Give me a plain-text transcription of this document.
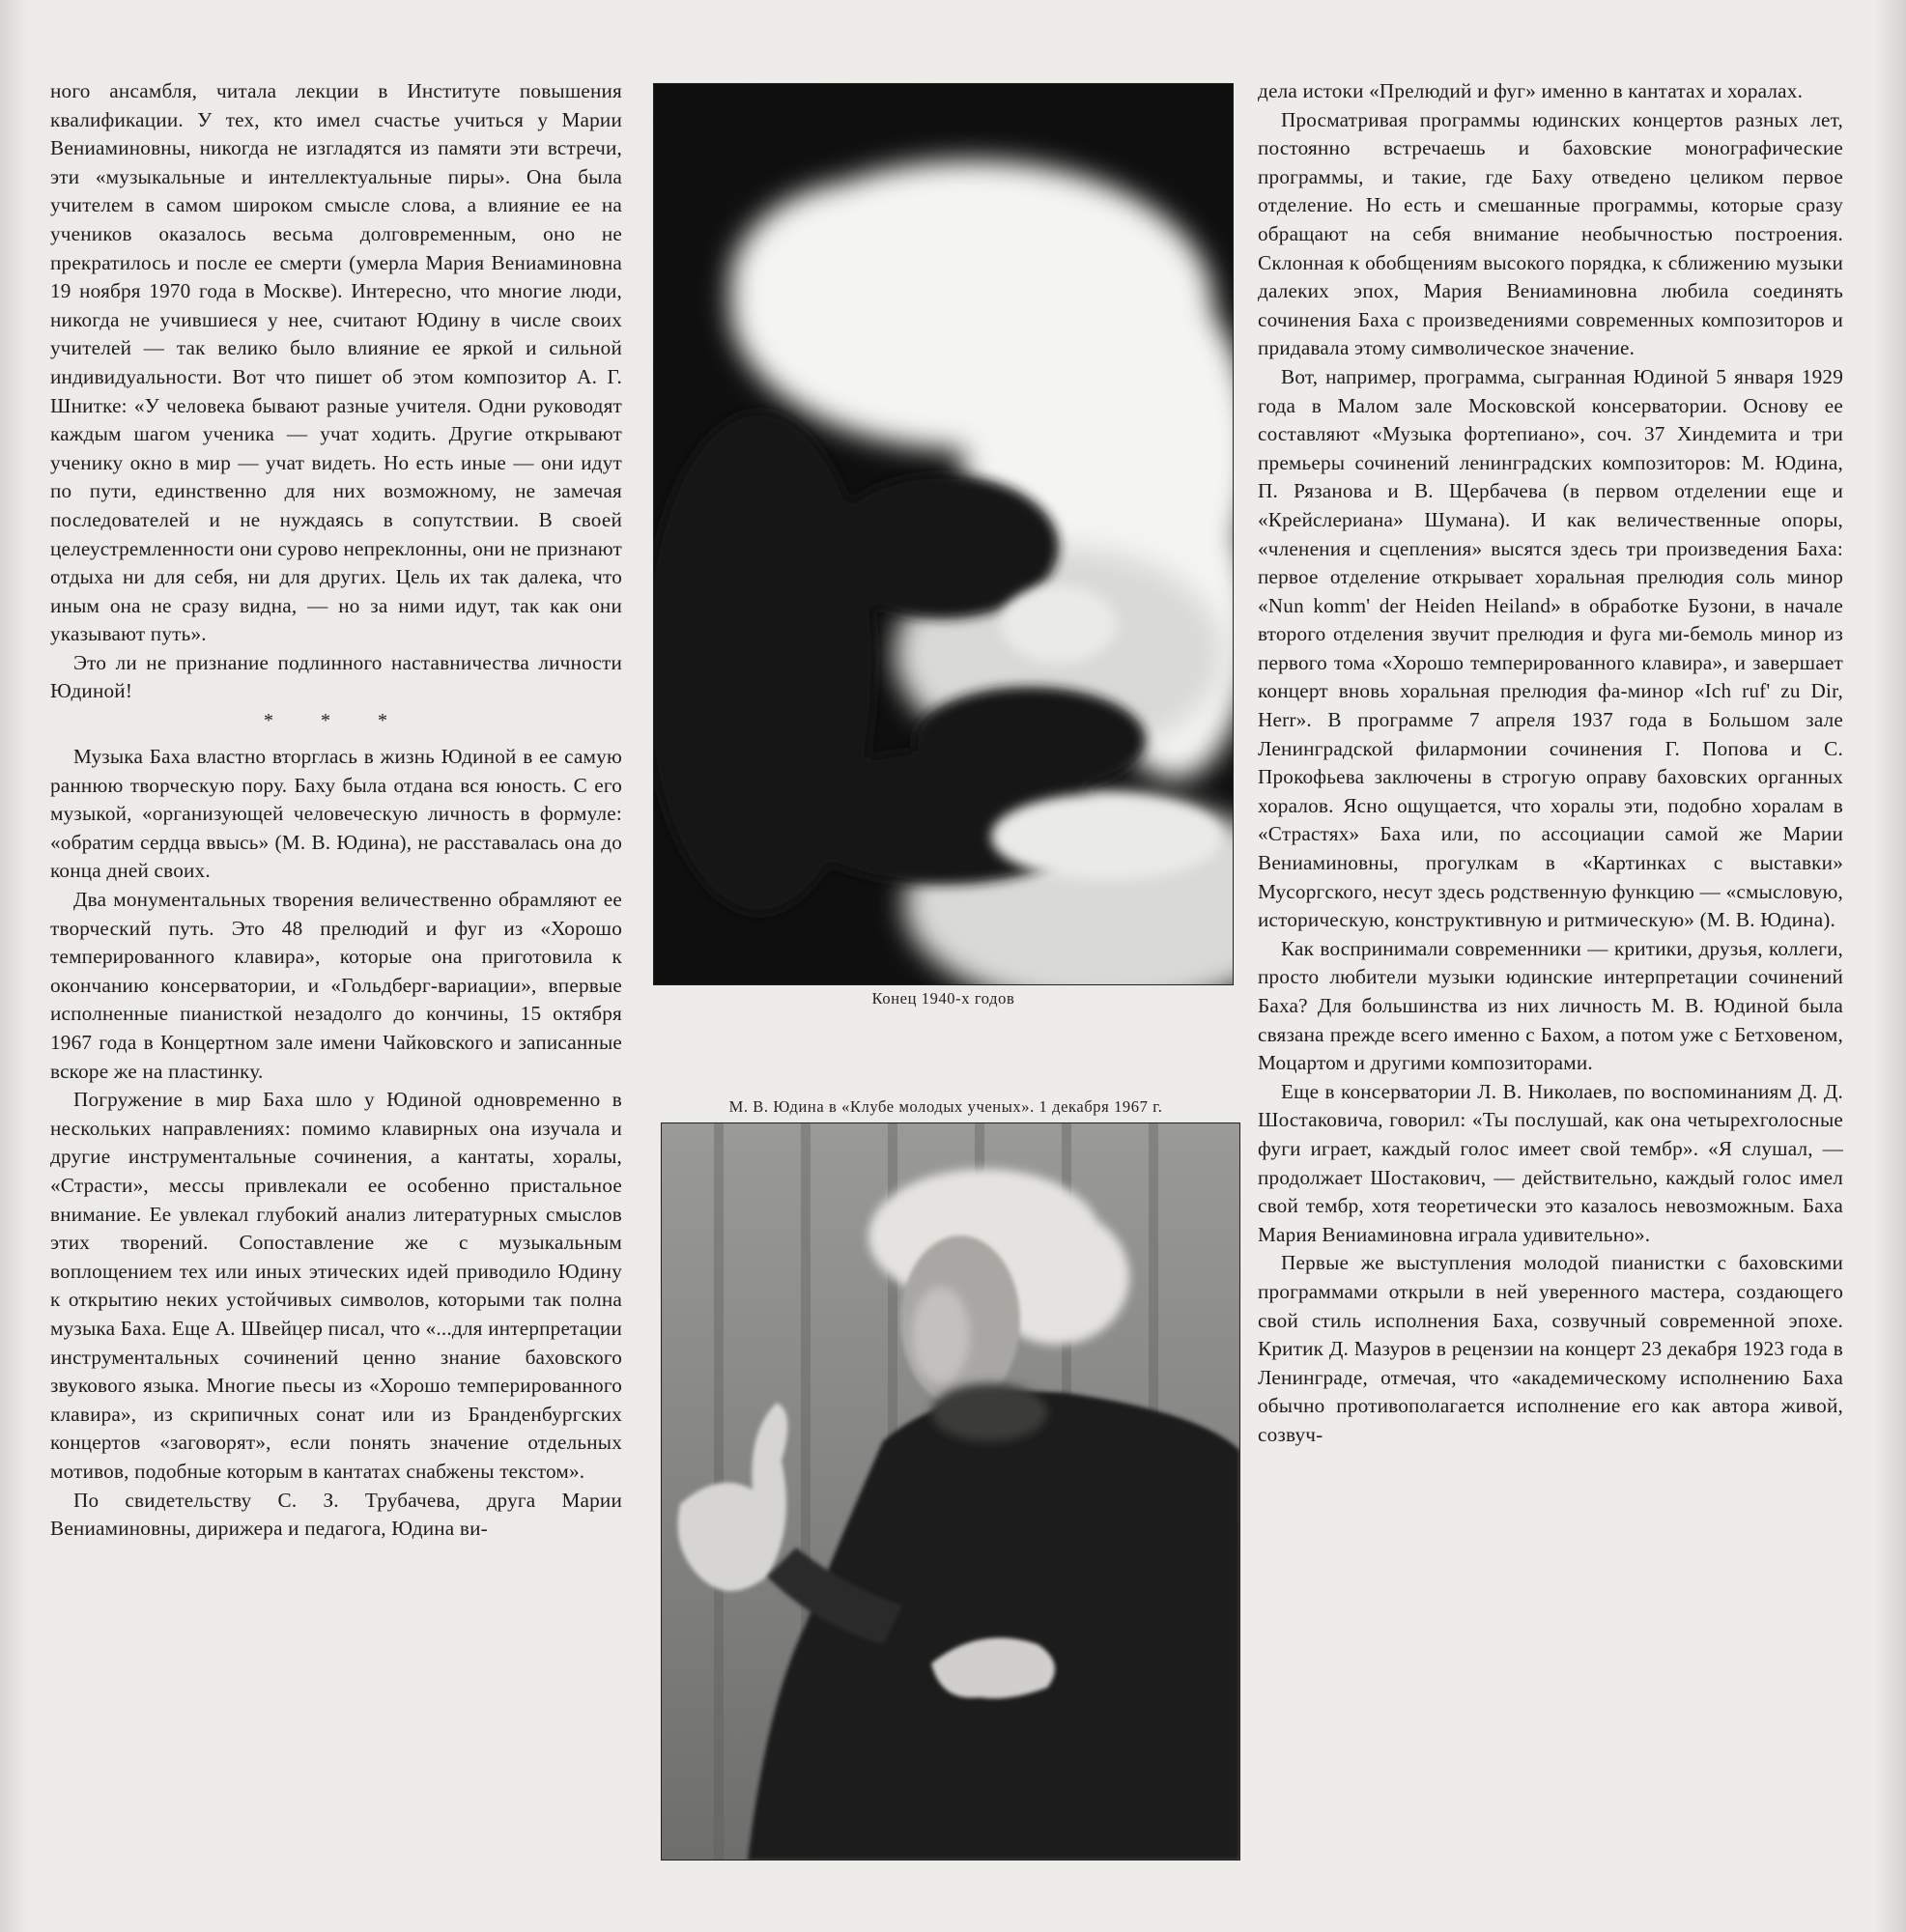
ного ансамбля, читала лекции в Институте повышения квалификации. У тех, кто имел счастье учиться у Марии Вениаминовны, никогда не изгладятся из памяти эти встречи, эти «музыкальные и интеллектуальные пиры». Она была учителем в самом широком смысле слова, а влияние ее на учеников оказалось весьма долговременным, оно не прекратилось и после ее смерти (умерла Мария Вениаминовна 19 ноября 1970 года в Москве). Интересно, что многие люди, никогда не учившиеся у нее, считают Юдину в числе своих учителей — так велико было влияние ее яркой и сильной индивидуальности. Вот что пишет об этом композитор А. Г. Шнитке: «У человека бывают разные учителя. Одни руководят каждым шагом ученика — учат ходить. Другие открывают ученику окно в мир — учат видеть. Но есть иные — они идут по пути, единственно для них возможному, не замечая последователей и не нуждаясь в сопутствии. В своей целеустремленности они сурово непреклонны, они не признают отдыха ни для себя, ни для других. Цель их так далека, что иным она не сразу видна, — но за ними идут, так как они указывают путь».

Это ли не признание подлинного наставничества личности Юдиной!

* * *

Музыка Баха властно вторглась в жизнь Юдиной в ее самую раннюю творческую пору. Баху была отдана вся юность. С его музыкой, «организующей человеческую личность в формуле: «обратим сердца ввысь» (М. В. Юдина), не расставалась она до конца дней своих.

Два монументальных творения величественно обрамляют ее творческий путь. Это 48 прелюдий и фуг из «Хорошо темперированного клавира», которые она приготовила к окончанию консерватории, и «Гольдберг-вариации», впервые исполненные пианисткой незадолго до кончины, 15 октября 1967 года в Концертном зале имени Чайковского и записанные вскоре же на пластинку.

Погружение в мир Баха шло у Юдиной одновременно в нескольких направлениях: помимо клавирных она изучала и другие инструментальные сочинения, а кантаты, хоралы, «Страсти», мессы привлекали ее особенно пристальное внимание. Ее увлекал глубокий анализ литературных смыслов этих творений. Сопоставление же с музыкальным воплощением тех или иных этических идей приводило Юдину к открытию неких устойчивых символов, которыми так полна музыка Баха. Еще А. Швейцер писал, что «...для интерпретации инструментальных сочинений ценно знание баховского звукового языка. Многие пьесы из «Хорошо темперированного клавира», из скрипичных сонат или из Бранденбургских концертов «заговорят», если понять значение отдельных мотивов, подобные которым в кантатах снабжены текстом».

По свидетельству С. З. Трубачева, друга Марии Вениаминовны, дирижера и педагога, Юдина ви-

Конец 1940-х годов
М. В. Юдина в «Клубе молодых ученых». 1 декабря 1967 г.

дела истоки «Прелюдий и фуг» именно в кантатах и хоралах.

Просматривая программы юдинских концертов разных лет, постоянно встречаешь и баховские монографические программы, и такие, где Баху отведено целиком первое отделение. Но есть и смешанные программы, которые сразу обращают на себя внимание необычностью построения. Склонная к обобщениям высокого порядка, к сближению музыки далеких эпох, Мария Вениаминовна любила соединять сочинения Баха с произведениями современных композиторов и придавала этому символическое значение.

Вот, например, программа, сыгранная Юдиной 5 января 1929 года в Малом зале Московской консерватории. Основу ее составляют «Музыка фортепиано», соч. 37 Хиндемита и три премьеры сочинений ленинградских композиторов: М. Юдина, П. Рязанова и В. Щербачева (в первом отделении еще и «Крейслериана» Шумана). И как величественные опоры, «членения и сцепления» высятся здесь три произведения Баха: первое отделение открывает хоральная прелюдия соль минор «Nun komm' der Heiden Heiland» в обработке Бузони, в начале второго отделения звучит прелюдия и фуга ми-бемоль минор из первого тома «Хорошо темперированного клавира», и завершает концерт вновь хоральная прелюдия фа-минор «Ich ruf' zu Dir, Herr». В программе 7 апреля 1937 года в Большом зале Ленинградской филармонии сочинения Г. Попова и С. Прокофьева заключены в строгую оправу баховских органных хоралов. Ясно ощущается, что хоралы эти, подобно хоралам в «Страстях» Баха или, по ассоциации самой же Марии Вениаминовны, прогулкам в «Картинках с выставки» Мусоргского, несут здесь родственную функцию — «смысловую, историческую, конструктивную и ритмическую» (М. В. Юдина).

Как воспринимали современники — критики, друзья, коллеги, просто любители музыки юдинские интерпретации сочинений Баха? Для большинства из них личность М. В. Юдиной была связана прежде всего именно с Бахом, а потом уже с Бетховеном, Моцартом и другими композиторами.

Еще в консерватории Л. В. Николаев, по воспоминаниям Д. Д. Шостаковича, говорил: «Ты послушай, как она четырехголосные фуги играет, каждый голос имеет свой тембр». «Я слушал, — продолжает Шостакович, — действительно, каждый голос имел свой тембр, хотя теоретически это казалось невозможным. Баха Мария Вениаминовна играла удивительно».

Первые же выступления молодой пианистки с баховскими программами открыли в ней уверенного мастера, создающего свой стиль исполнения Баха, созвучный современной эпохе. Критик Д. Мазуров в рецензии на концерт 23 декабря 1923 года в Ленинграде, отмечая, что «академическому исполнению Баха обычно противополагается исполнение его как автора живой, созвуч-
